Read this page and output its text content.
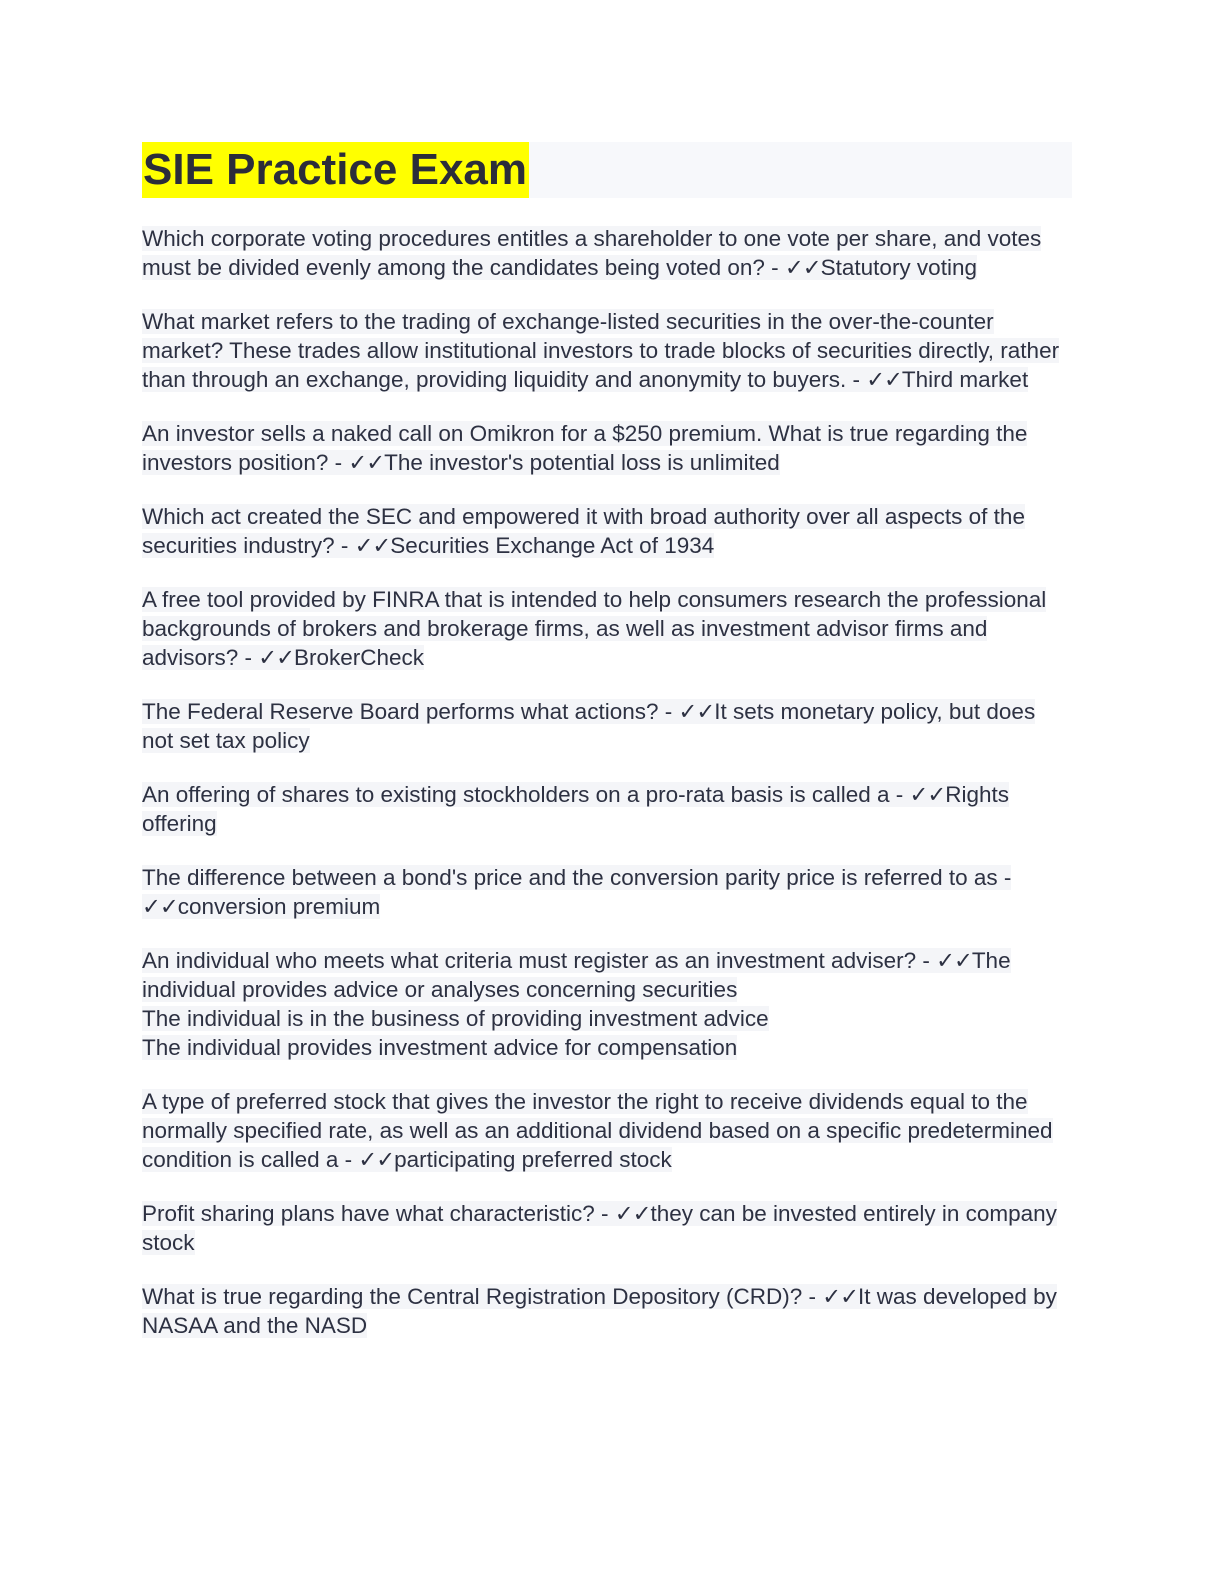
SIE Practice Exam

Which corporate voting procedures entitles a shareholder to one vote per share, and votes must be divided evenly among the candidates being voted on? - ✓✓Statutory voting

What market refers to the trading of exchange-listed securities in the over-the-counter market? These trades allow institutional investors to trade blocks of securities directly, rather than through an exchange, providing liquidity and anonymity to buyers. - ✓✓Third market

An investor sells a naked call on Omikron for a $250 premium. What is true regarding the investors position? - ✓✓The investor's potential loss is unlimited

Which act created the SEC and empowered it with broad authority over all aspects of the securities industry? - ✓✓Securities Exchange Act of 1934

A free tool provided by FINRA that is intended to help consumers research the professional backgrounds of brokers and brokerage firms, as well as investment advisor firms and advisors? - ✓✓BrokerCheck

The Federal Reserve Board performs what actions? - ✓✓It sets monetary policy, but does not set tax policy

An offering of shares to existing stockholders on a pro-rata basis is called a - ✓✓Rights offering

The difference between a bond's price and the conversion parity price is referred to as - ✓✓conversion premium

An individual who meets what criteria must register as an investment adviser? - ✓✓The individual provides advice or analyses concerning securities
The individual is in the business of providing investment advice
The individual provides investment advice for compensation

A type of preferred stock that gives the investor the right to receive dividends equal to the normally specified rate, as well as an additional dividend based on a specific predetermined condition is called a - ✓✓participating preferred stock

Profit sharing plans have what characteristic? - ✓✓they can be invested entirely in company stock

What is true regarding the Central Registration Depository (CRD)? - ✓✓It was developed by NASAA and the NASD
